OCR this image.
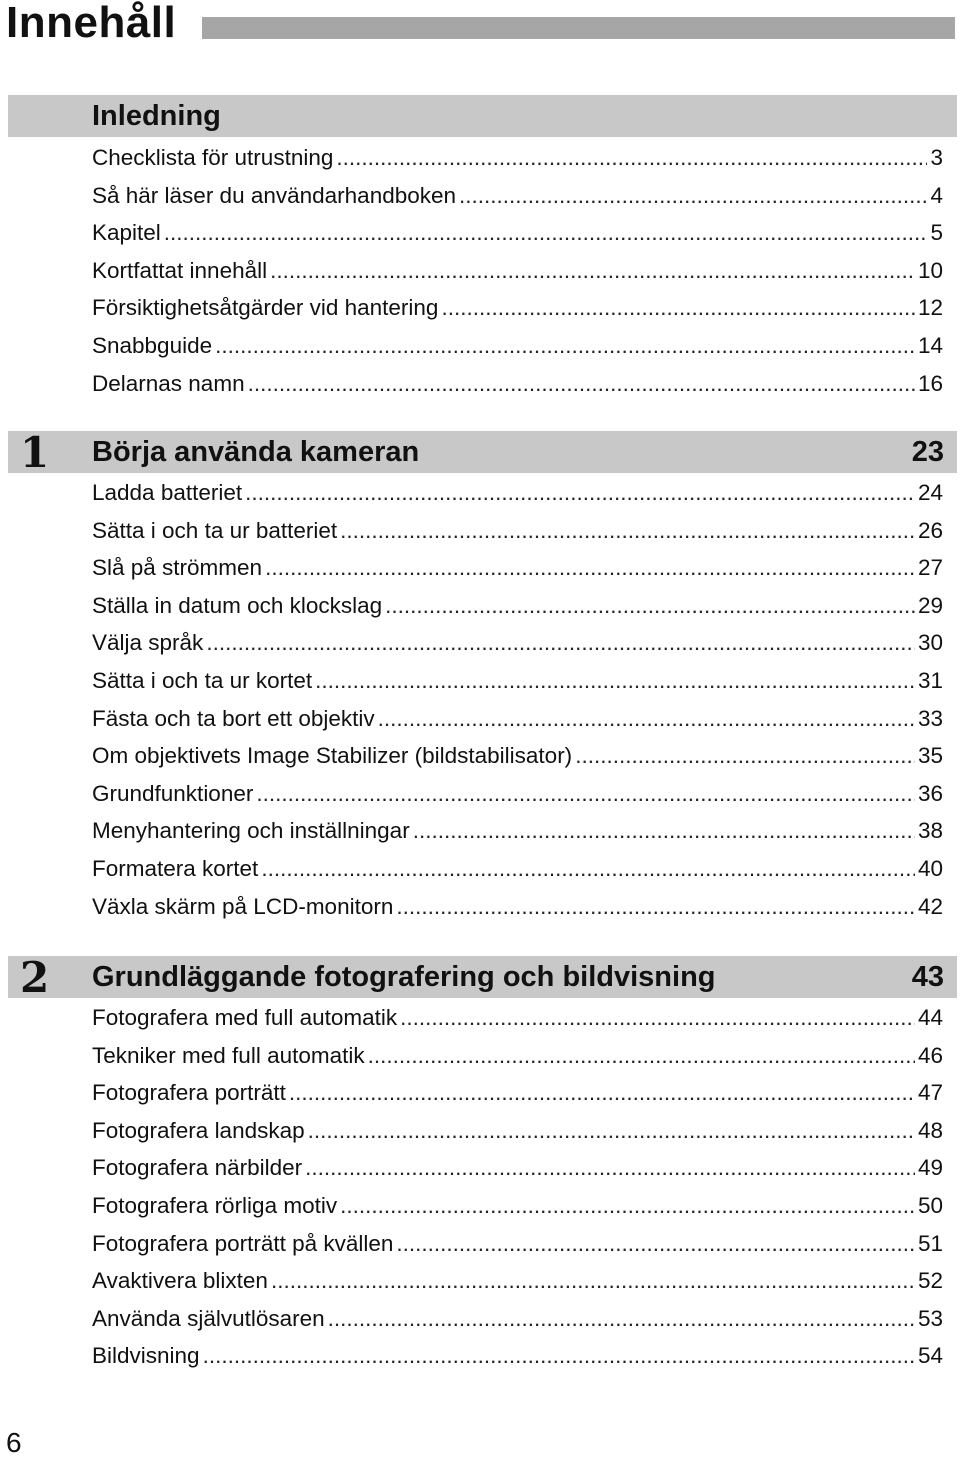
Innehåll
Inledning
Checklista för utrustning .....	3
Så här läser du användarhandboken .....	4
Kapitel .....	5
Kortfattat innehåll .....	10
Försiktighetsåtgärder vid hantering .....	12
Snabbguide .....	14
Delarnas namn .....	16
1	Börja använda kameran	23
Ladda batteriet .....	24
Sätta i och ta ur batteriet .....	26
Slå på strömmen .....	27
Ställa in datum och klockslag .....	29
Välja språk .....	30
Sätta i och ta ur kortet .....	31
Fästa och ta bort ett objektiv .....	33
Om objektivets Image Stabilizer (bildstabilisator) .....	35
Grundfunktioner .....	36
Menyhantering och inställningar .....	38
Formatera kortet .....	40
Växla skärm på LCD-monitorn .....	42
2	Grundläggande fotografering och bildvisning	43
Fotografera med full automatik .....	44
Tekniker med full automatik .....	46
Fotografera porträtt .....	47
Fotografera landskap .....	48
Fotografera närbilder .....	49
Fotografera rörliga motiv .....	50
Fotografera porträtt på kvällen .....	51
Avaktivera blixten .....	52
Använda självutlösaren .....	53
Bildvisning .....	54
6
